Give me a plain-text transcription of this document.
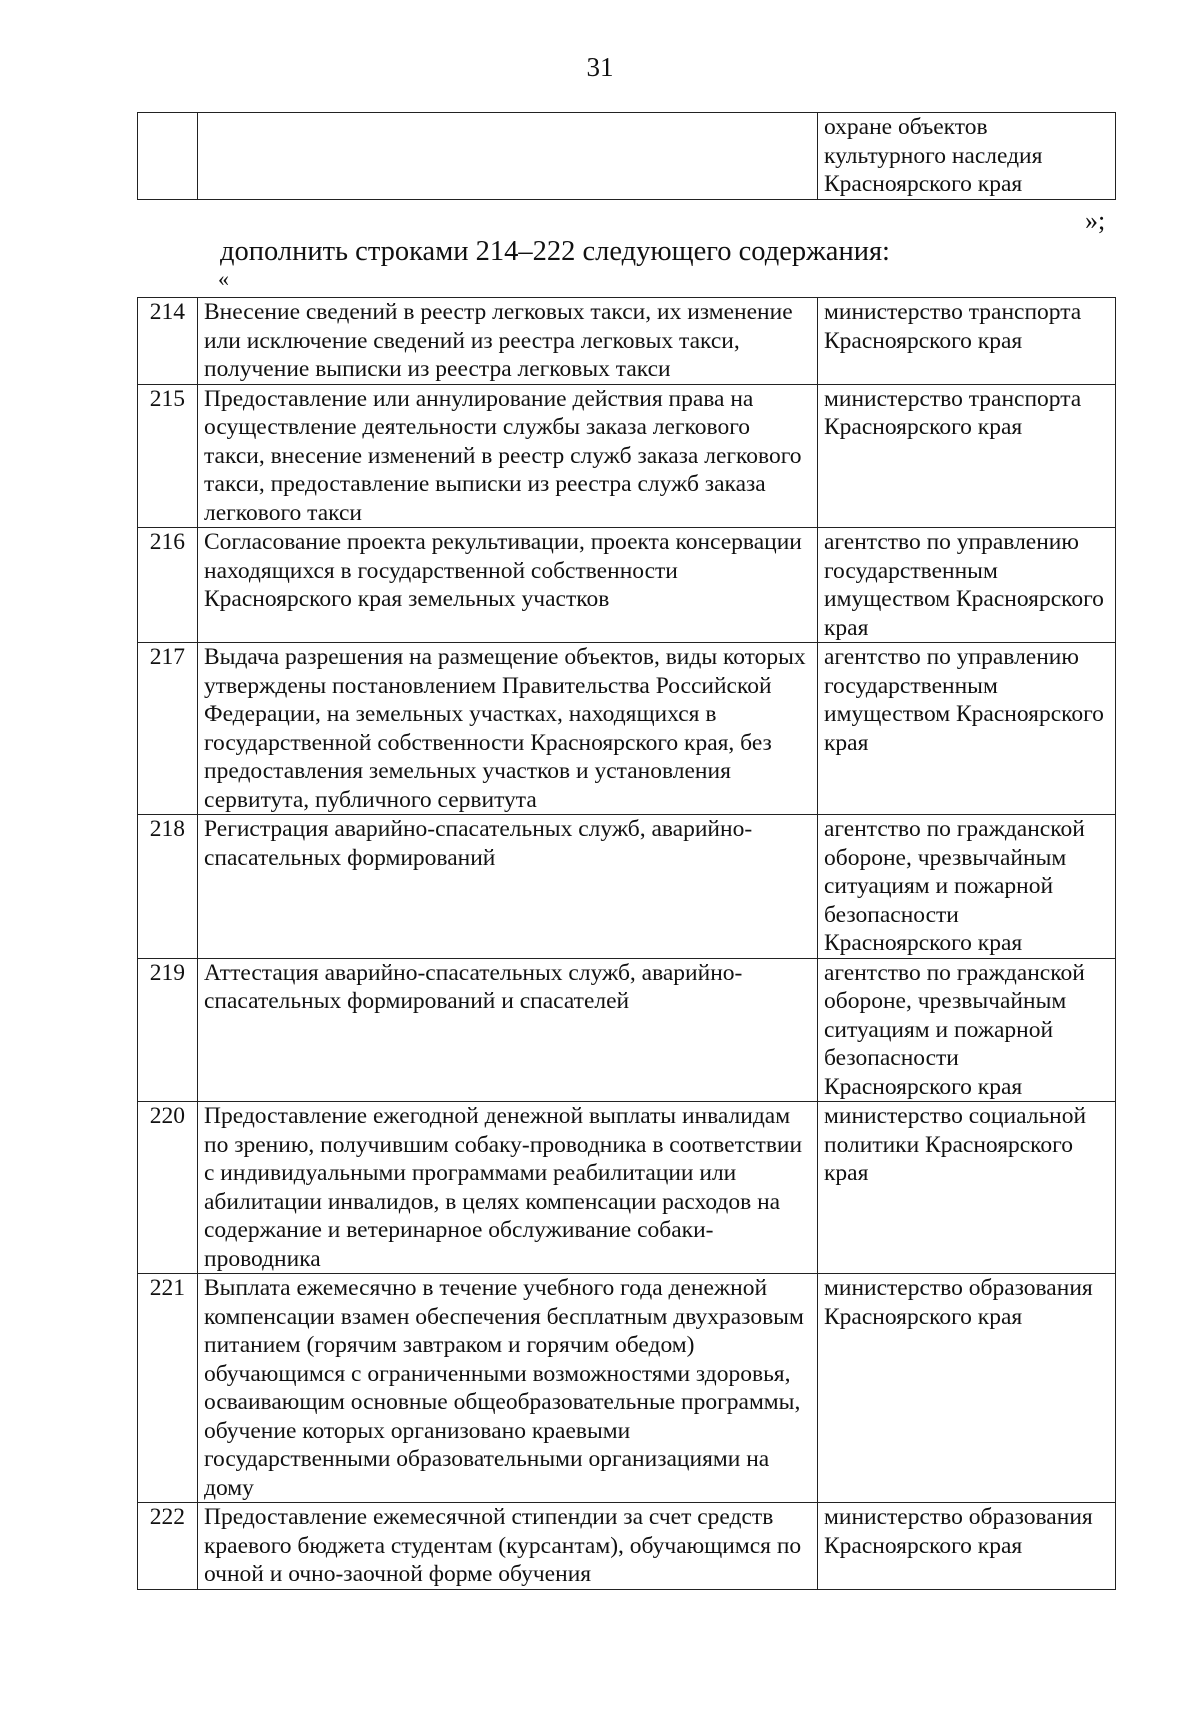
31
		охране объектов культурного наследия Красноярского края
»;
дополнить строками 214–222 следующего содержания:
«
214	Внесение сведений в реестр легковых такси, их изменение или исключение сведений из реестра легковых такси, получение выписки из реестра легковых такси	министерство транспорта Красноярского края
215	Предоставление или аннулирование действия права на осуществление деятельности службы заказа легкового такси, внесение изменений в реестр служб заказа легкового такси, предоставление выписки из реестра служб заказа легкового такси	министерство транспорта Красноярского края
216	Согласование проекта рекультивации, проекта консервации находящихся в государственной собственности Красноярского края земельных участков	агентство по управлению государственным имуществом Красноярского края
217	Выдача разрешения на размещение объектов, виды которых утверждены постановлением Правительства Российской Федерации, на земельных участках, находящихся в государственной собственности Красноярского края, без предоставления земельных участков и установления сервитута, публичного сервитута	агентство по управлению государственным имуществом Красноярского края
218	Регистрация аварийно-спасательных служб, аварийно-спасательных формирований	агентство по гражданской обороне, чрезвычайным ситуациям и пожарной безопасности Красноярского края
219	Аттестация аварийно-спасательных служб, аварийно-спасательных формирований и спасателей	агентство по гражданской обороне, чрезвычайным ситуациям и пожарной безопасности Красноярского края
220	Предоставление ежегодной денежной выплаты инвалидам по зрению, получившим собаку-проводника в соответствии с индивидуальными программами реабилитации или абилитации инвалидов, в целях компенсации расходов на содержание и ветеринарное обслуживание собаки-проводника	министерство социальной политики Красноярского края
221	Выплата ежемесячно в течение учебного года денежной компенсации взамен обеспечения бесплатным двухразовым питанием (горячим завтраком и горячим обедом) обучающимся с ограниченными возможностями здоровья, осваивающим основные общеобразовательные программы, обучение которых организовано краевыми государственными образовательными организациями на дому	министерство образования Красноярского края
222	Предоставление ежемесячной стипендии за счет средств краевого бюджета студентам (курсантам), обучающимся по очной и очно-заочной форме обучения	министерство образования Красноярского края
